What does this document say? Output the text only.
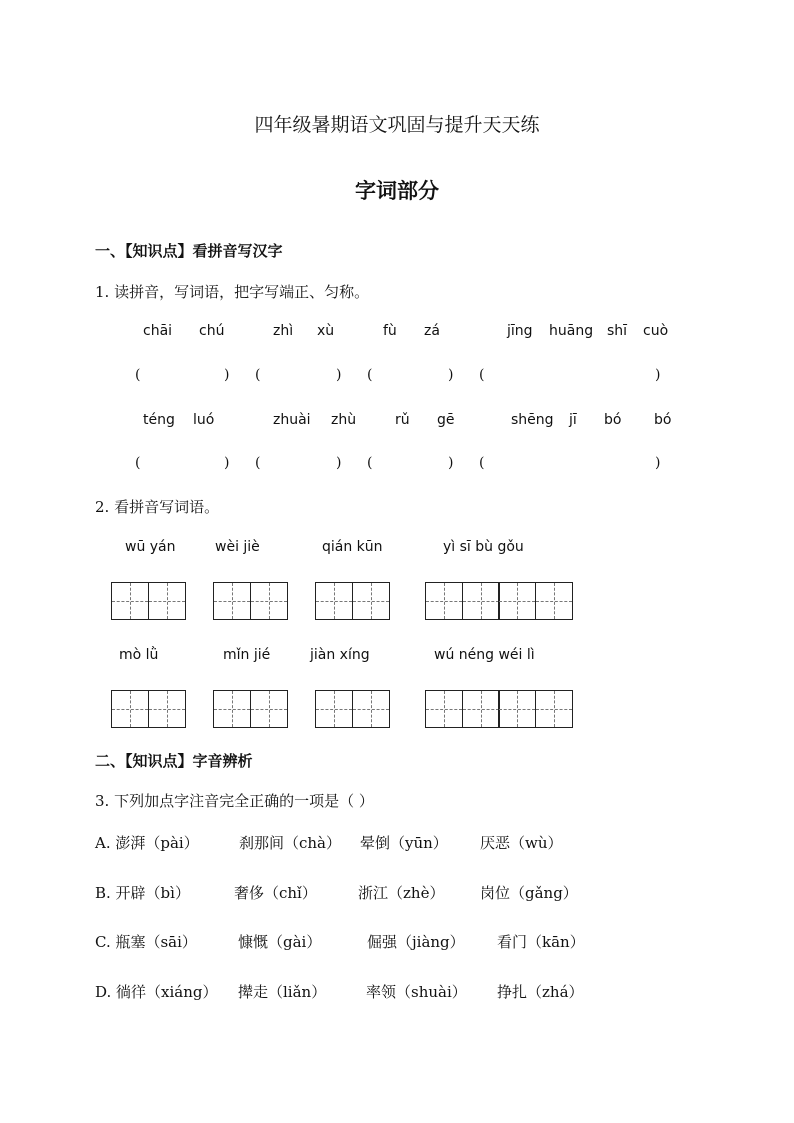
四年级暑期语文巩固与提升天天练
字词部分
一、【知识点】看拼音写汉字
1. 读拼音，写词语，把字写端正、匀称。
chāi chú	zhì xù	fù zá	jīng huāng shī cuò
(	) (	) (	) (	)
téng luó	zhuài zhù	rǔ gē	shēng jī bó bó
(	) (	) (	) (	)
2. 看拼音写词语。
wū yán	wèi jiè	qián kūn	yì sī bù gǒu
mò lǜ	mǐn jié	jiàn xíng	wú néng wéi lì
二、【知识点】字音辨析
3. 下列加点字注音完全正确的一项是（ ）
A. 澎湃（pài）	刹那间（chà） 晕倒（yūn） 厌恶（wù）
B. 开辟（bì）	奢侈（chǐ）	浙江（zhè） 岗位（gǎng）
C. 瓶塞（sāi）	慷慨（gài）	倔强（jiàng） 看门（kān）
D. 徜徉（xiáng） 撵走（liǎn）	率领（shuài） 挣扎（zhá）
